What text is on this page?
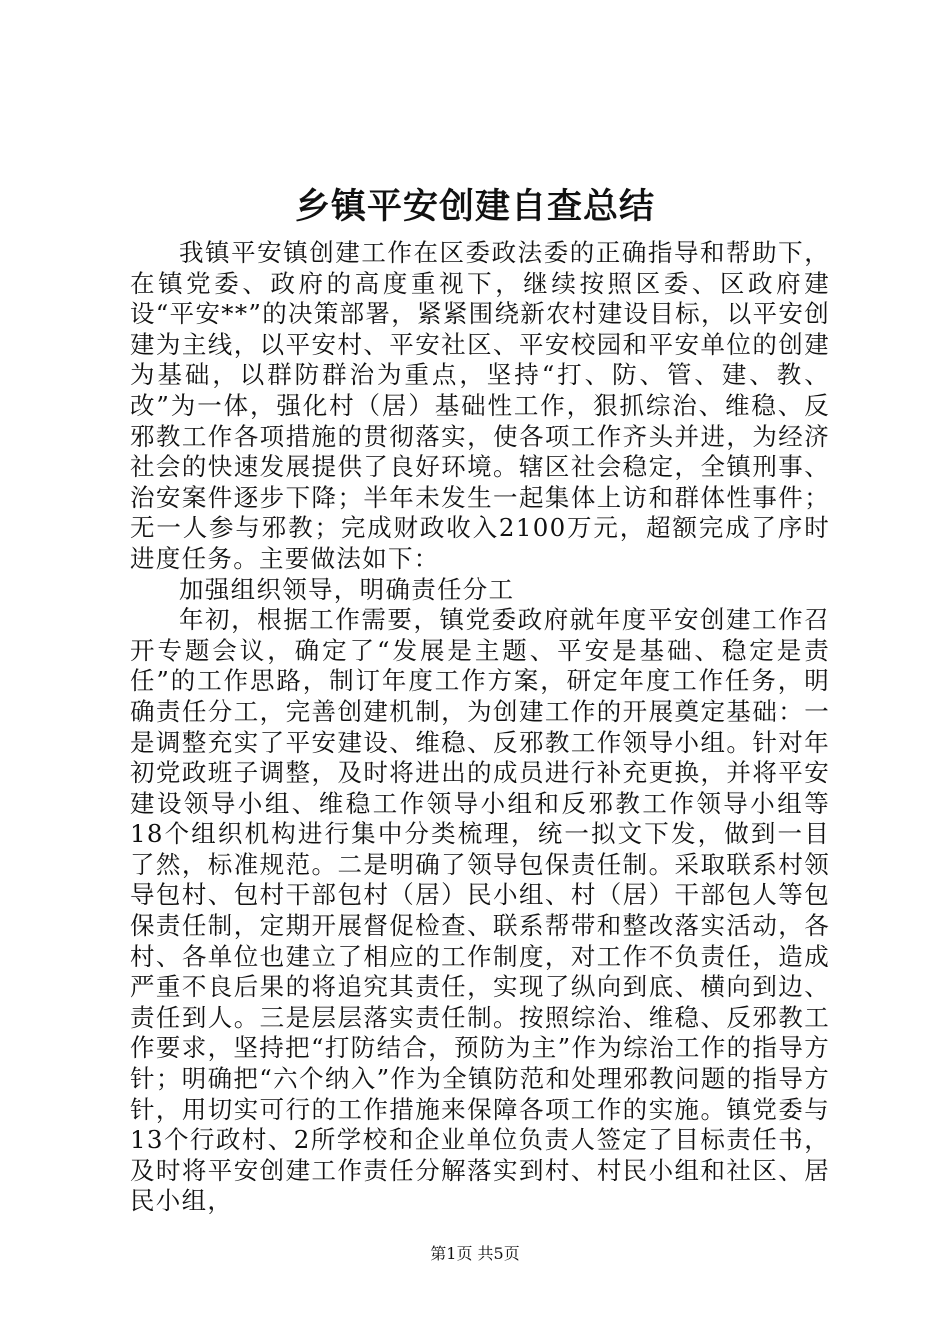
乡镇平安创建自查总结

我镇平安镇创建工作在区委政法委的正确指导和帮助下，在镇党委、政府的高度重视下，继续按照区委、区政府建设“平安**”的决策部署，紧紧围绕新农村建设目标，以平安创建为主线，以平安村、平安社区、平安校园和平安单位的创建为基础，以群防群治为重点，坚持“打、防、管、建、教、改”为一体，强化村（居）基础性工作，狠抓综治、维稳、反邪教工作各项措施的贯彻落实，使各项工作齐头并进，为经济社会的快速发展提供了良好环境。辖区社会稳定，全镇刑事、治安案件逐步下降；半年未发生一起集体上访和群体性事件；无一人参与邪教；完成财政收入2100万元，超额完成了序时进度任务。主要做法如下：

加强组织领导，明确责任分工

年初，根据工作需要，镇党委政府就年度平安创建工作召开专题会议，确定了“发展是主题、平安是基础、稳定是责任”的工作思路，制订年度工作方案，研定年度工作任务，明确责任分工，完善创建机制，为创建工作的开展奠定基础：一是调整充实了平安建设、维稳、反邪教工作领导小组。针对年初党政班子调整，及时将进出的成员进行补充更换，并将平安建设领导小组、维稳工作领导小组和反邪教工作领导小组等18个组织机构进行集中分类梳理，统一拟文下发，做到一目了然，标准规范。二是明确了领导包保责任制。采取联系村领导包村、包村干部包村（居）民小组、村（居）干部包人等包保责任制，定期开展督促检查、联系帮带和整改落实活动，各村、各单位也建立了相应的工作制度，对工作不负责任，造成严重不良后果的将追究其责任，实现了纵向到底、横向到边、责任到人。三是层层落实责任制。按照综治、维稳、反邪教工作要求，坚持把“打防结合，预防为主”作为综治工作的指导方针；明确把“六个纳入”作为全镇防范和处理邪教问题的指导方针，用切实可行的工作措施来保障各项工作的实施。镇党委与13个行政村、2所学校和企业单位负责人签定了目标责任书，及时将平安创建工作责任分解落实到村、村民小组和社区、居民小组，

第1页 共5页
